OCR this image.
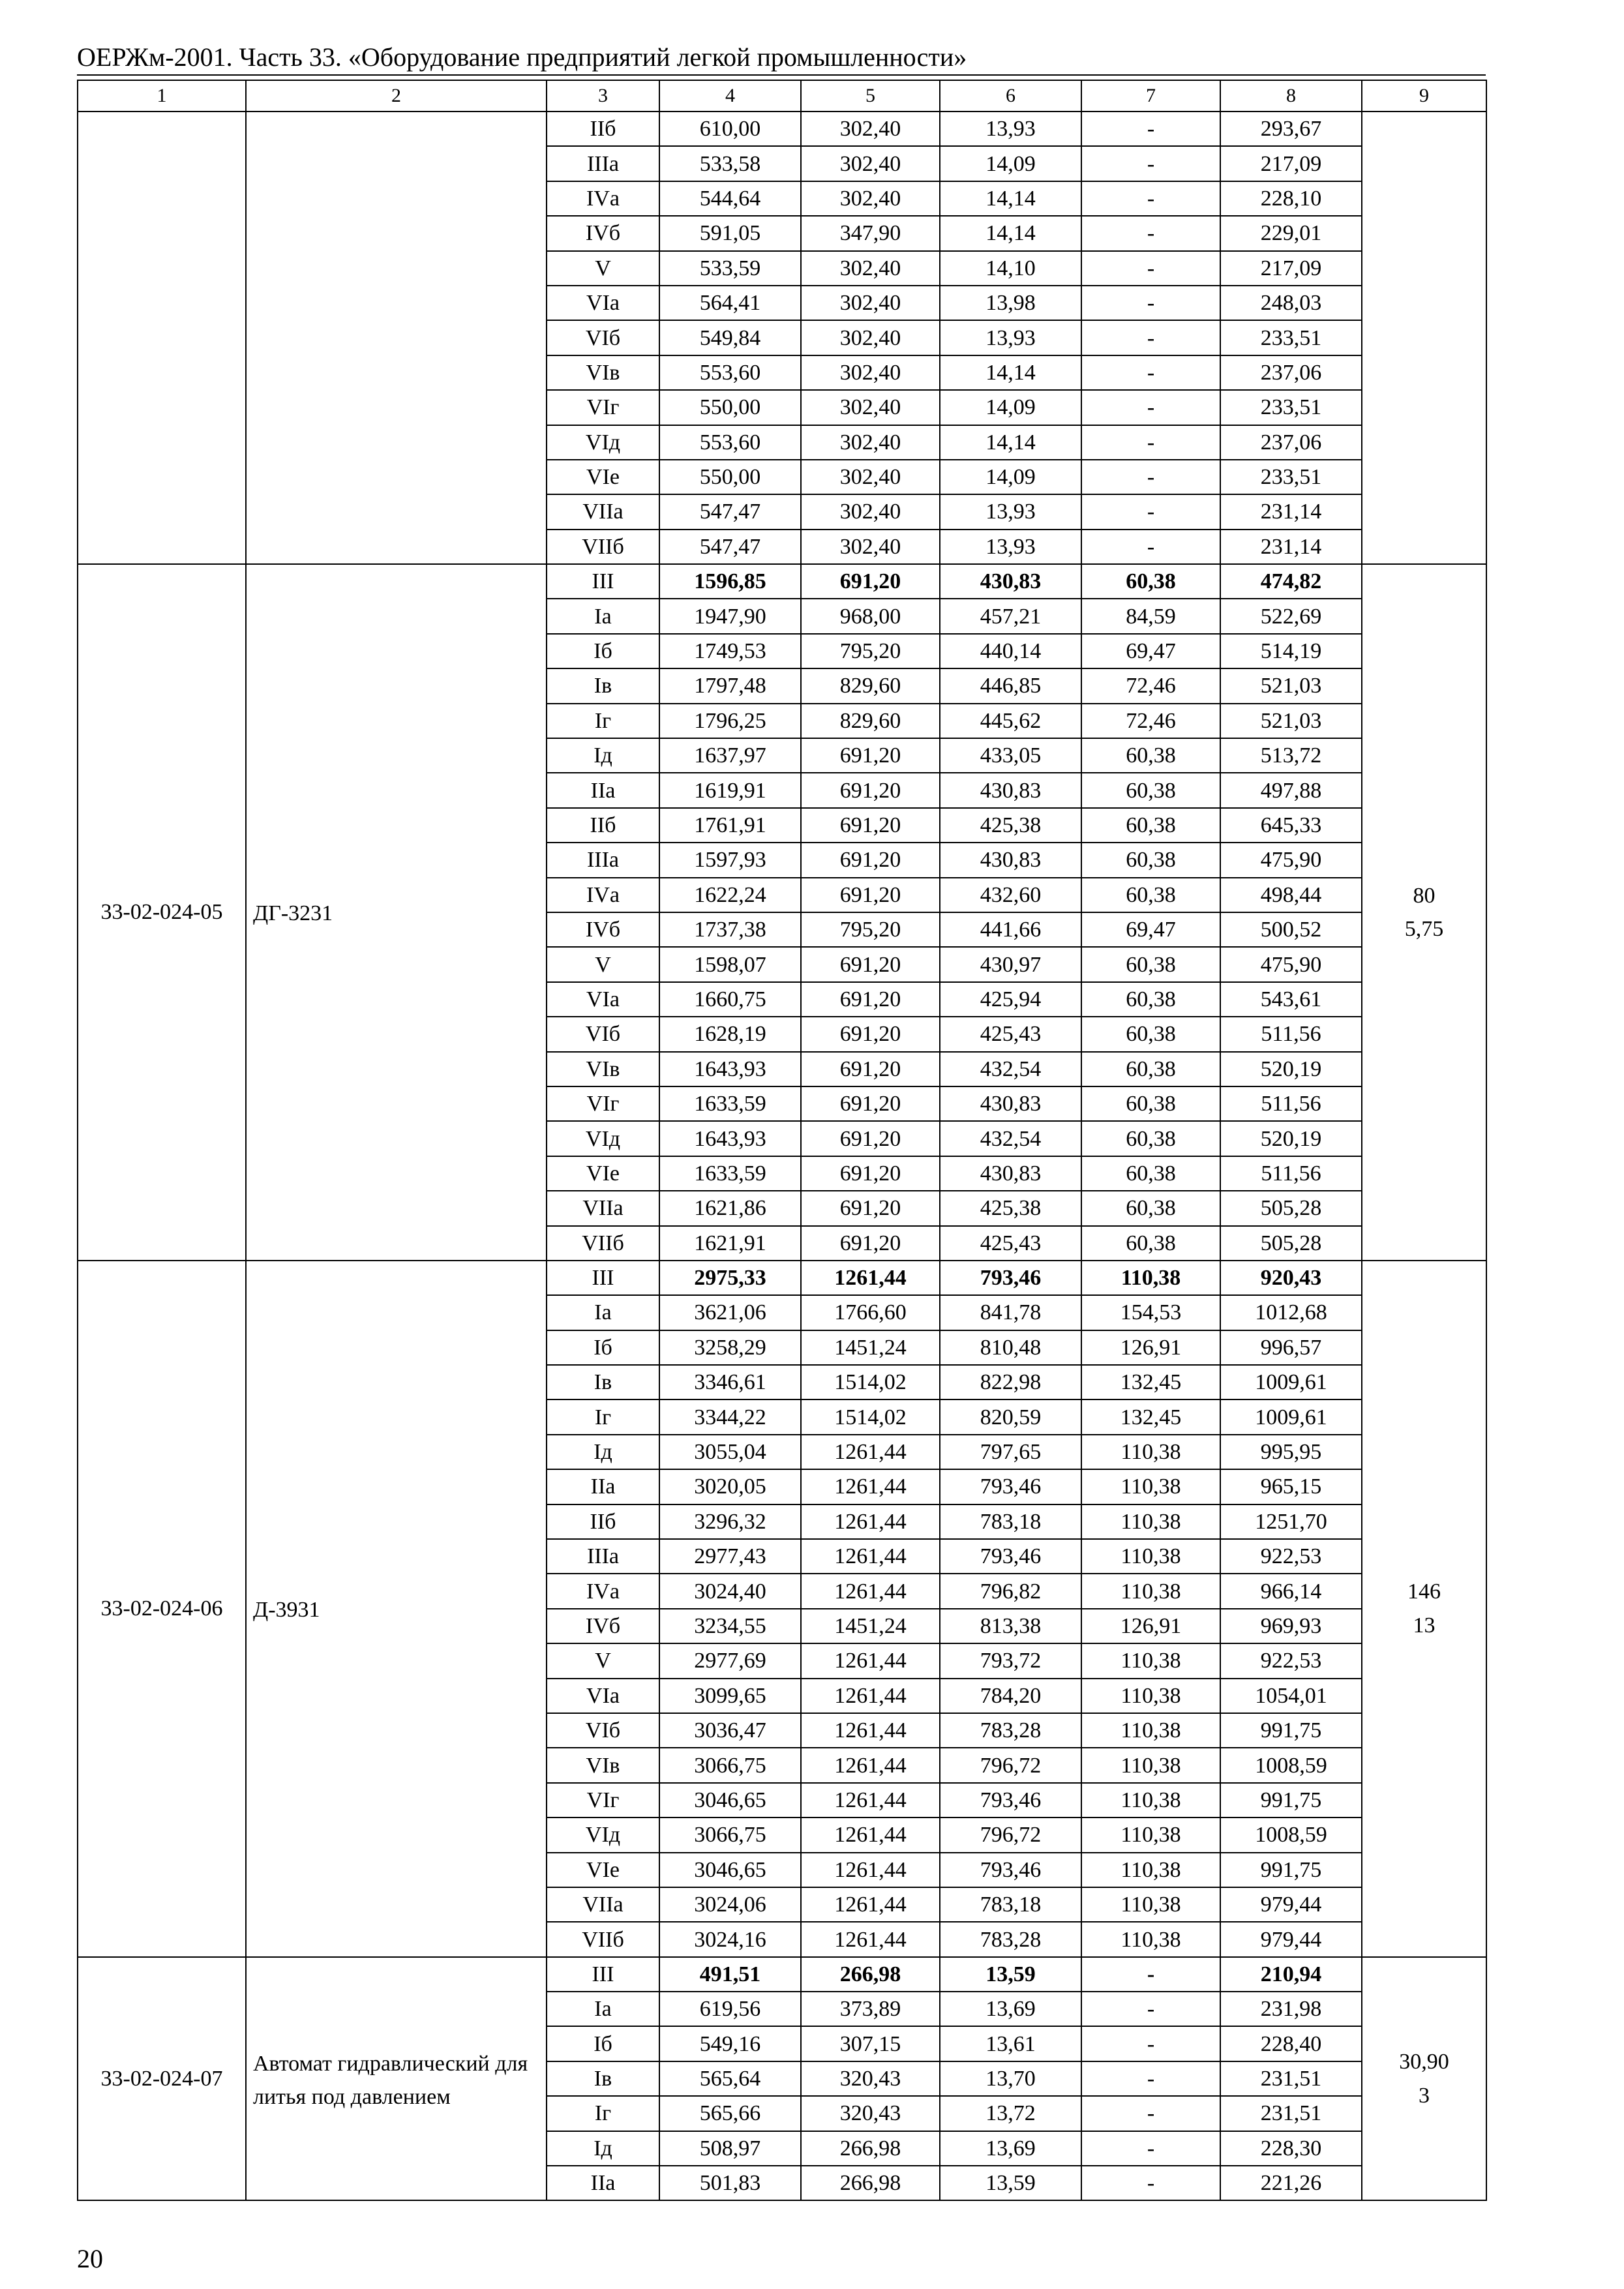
ОЕРЖм-2001. Часть 33. «Оборудование предприятий легкой промышленности»
1	2	3	4	5	6	7	8	9
		IIб	610,00	302,40	13,93	-	293,67	
		IIIа	533,58	302,40	14,09	-	217,09	
		IVа	544,64	302,40	14,14	-	228,10	
		IVб	591,05	347,90	14,14	-	229,01	
		V	533,59	302,40	14,10	-	217,09	
		VIа	564,41	302,40	13,98	-	248,03	
		VIб	549,84	302,40	13,93	-	233,51	
		VIв	553,60	302,40	14,14	-	237,06	
		VIг	550,00	302,40	14,09	-	233,51	
		VIд	553,60	302,40	14,14	-	237,06	
		VIе	550,00	302,40	14,09	-	233,51	
		VIIа	547,47	302,40	13,93	-	231,14	
		VIIб	547,47	302,40	13,93	-	231,14	
33-02-024-05	ДГ-3231	III	1596,85	691,20	430,83	60,38	474,82	80
5,75

		Iа	1947,90	968,00	457,21	84,59	522,69	
		Iб	1749,53	795,20	440,14	69,47	514,19	
		Iв	1797,48	829,60	446,85	72,46	521,03	
		Iг	1796,25	829,60	445,62	72,46	521,03	
		Iд	1637,97	691,20	433,05	60,38	513,72	
		IIа	1619,91	691,20	430,83	60,38	497,88	
		IIб	1761,91	691,20	425,38	60,38	645,33	
		IIIа	1597,93	691,20	430,83	60,38	475,90	
		IVа	1622,24	691,20	432,60	60,38	498,44	
		IVб	1737,38	795,20	441,66	69,47	500,52	
		V	1598,07	691,20	430,97	60,38	475,90	
		VIа	1660,75	691,20	425,94	60,38	543,61	
		VIб	1628,19	691,20	425,43	60,38	511,56	
		VIв	1643,93	691,20	432,54	60,38	520,19	
		VIг	1633,59	691,20	430,83	60,38	511,56	
		VIд	1643,93	691,20	432,54	60,38	520,19	
		VIе	1633,59	691,20	430,83	60,38	511,56	
		VIIа	1621,86	691,20	425,38	60,38	505,28	
		VIIб	1621,91	691,20	425,43	60,38	505,28	
33-02-024-06	Д-3931	III	2975,33	1261,44	793,46	110,38	920,43	146
13

		Iа	3621,06	1766,60	841,78	154,53	1012,68	
		Iб	3258,29	1451,24	810,48	126,91	996,57	
		Iв	3346,61	1514,02	822,98	132,45	1009,61	
		Iг	3344,22	1514,02	820,59	132,45	1009,61	
		Iд	3055,04	1261,44	797,65	110,38	995,95	
		IIа	3020,05	1261,44	793,46	110,38	965,15	
		IIб	3296,32	1261,44	783,18	110,38	1251,70	
		IIIа	2977,43	1261,44	793,46	110,38	922,53	
		IVа	3024,40	1261,44	796,82	110,38	966,14	
		IVб	3234,55	1451,24	813,38	126,91	969,93	
		V	2977,69	1261,44	793,72	110,38	922,53	
		VIа	3099,65	1261,44	784,20	110,38	1054,01	
		VIб	3036,47	1261,44	783,28	110,38	991,75	
		VIв	3066,75	1261,44	796,72	110,38	1008,59	
		VIг	3046,65	1261,44	793,46	110,38	991,75	
		VIд	3066,75	1261,44	796,72	110,38	1008,59	
		VIе	3046,65	1261,44	793,46	110,38	991,75	
		VIIа	3024,06	1261,44	783,18	110,38	979,44	
		VIIб	3024,16	1261,44	783,28	110,38	979,44	
33-02-024-07	Автомат гидравлический для литья под давлением	III	491,51	266,98	13,59	-	210,94	30,90
3

		Iа	619,56	373,89	13,69	-	231,98	
		Iб	549,16	307,15	13,61	-	228,40	
		Iв	565,64	320,43	13,70	-	231,51	
		Iг	565,66	320,43	13,72	-	231,51	
		Iд	508,97	266,98	13,69	-	228,30	
		IIа	501,83	266,98	13,59	-	221,26	
20
